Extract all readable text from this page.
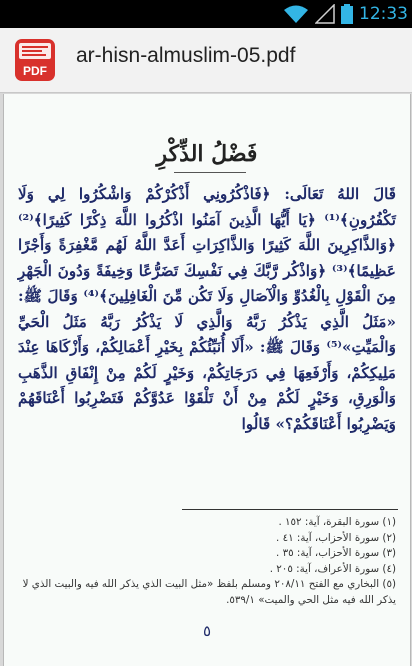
12:33
PDF
ar-hisn-almuslim-05.pdf
فَضْلُ الذِّكْرِ
قَالَ اللهُ تَعَالَى: ﴿فَاذْكُرُونِي أَذْكُرْكُمْ وَاشْكُرُوا لِي وَلَا تَكْفُرُونِ﴾⁽¹⁾ ﴿يَا أَيُّهَا الَّذِينَ آمَنُوا اذْكُرُوا اللَّهَ ذِكْرًا كَثِيرًا﴾⁽²⁾ ﴿وَالذَّاكِرِينَ اللَّهَ كَثِيرًا وَالذَّاكِرَاتِ أَعَدَّ اللَّهُ لَهُم مَّغْفِرَةً وَأَجْرًا عَظِيمًا﴾⁽³⁾ ﴿وَاذْكُر رَّبَّكَ فِي نَفْسِكَ تَضَرُّعًا وَخِيفَةً وَدُونَ الْجَهْرِ مِنَ الْقَوْلِ بِالْغُدُوِّ وَالْآصَالِ وَلَا تَكُن مِّنَ الْغَافِلِينَ﴾⁽⁴⁾ وَقَالَ ﷺ: «مَثَلُ الَّذِي يَذْكُرُ رَبَّهُ وَالَّذِي لَا يَذْكُرُ رَبَّهُ مَثَلُ الْحَيِّ وَالْمَيِّتِ»⁽⁵⁾ وَقَالَ ﷺ: «أَلَا أُنَبِّئُكُمْ بِخَيْرِ أَعْمَالِكُمْ، وَأَزْكَاهَا عِنْدَ مَلِيكِكُمْ، وَأَرْفَعِهَا فِي دَرَجَاتِكُمْ، وَخَيْرٍ لَكُمْ مِنْ إِنْفَاقِ الذَّهَبِ وَالْوَرِقِ، وَخَيْرٍ لَكُمْ مِنْ أَنْ تَلْقَوْا عَدُوَّكُمْ فَتَضْرِبُوا أَعْنَاقَهُمْ وَيَضْرِبُوا أَعْنَاقَكُمْ؟» قَالُوا

(١) سورة البقرة، آية: ١٥٢ .

(٢) سورة الأحزاب، آية: ٤١ .

(٣) سورة الأحزاب، آية: ٣٥ .

(٤) سورة الأعراف، آية: ٢٠٥ .

(٥) البخاري مع الفتح ٢٠٨/١١ ومسلم بلفظ «مثل البيت الذي يذكر الله فيه والبيت الذي لا يذكر الله فيه مثل الحي والميت» ٥٣٩/١.

٥
